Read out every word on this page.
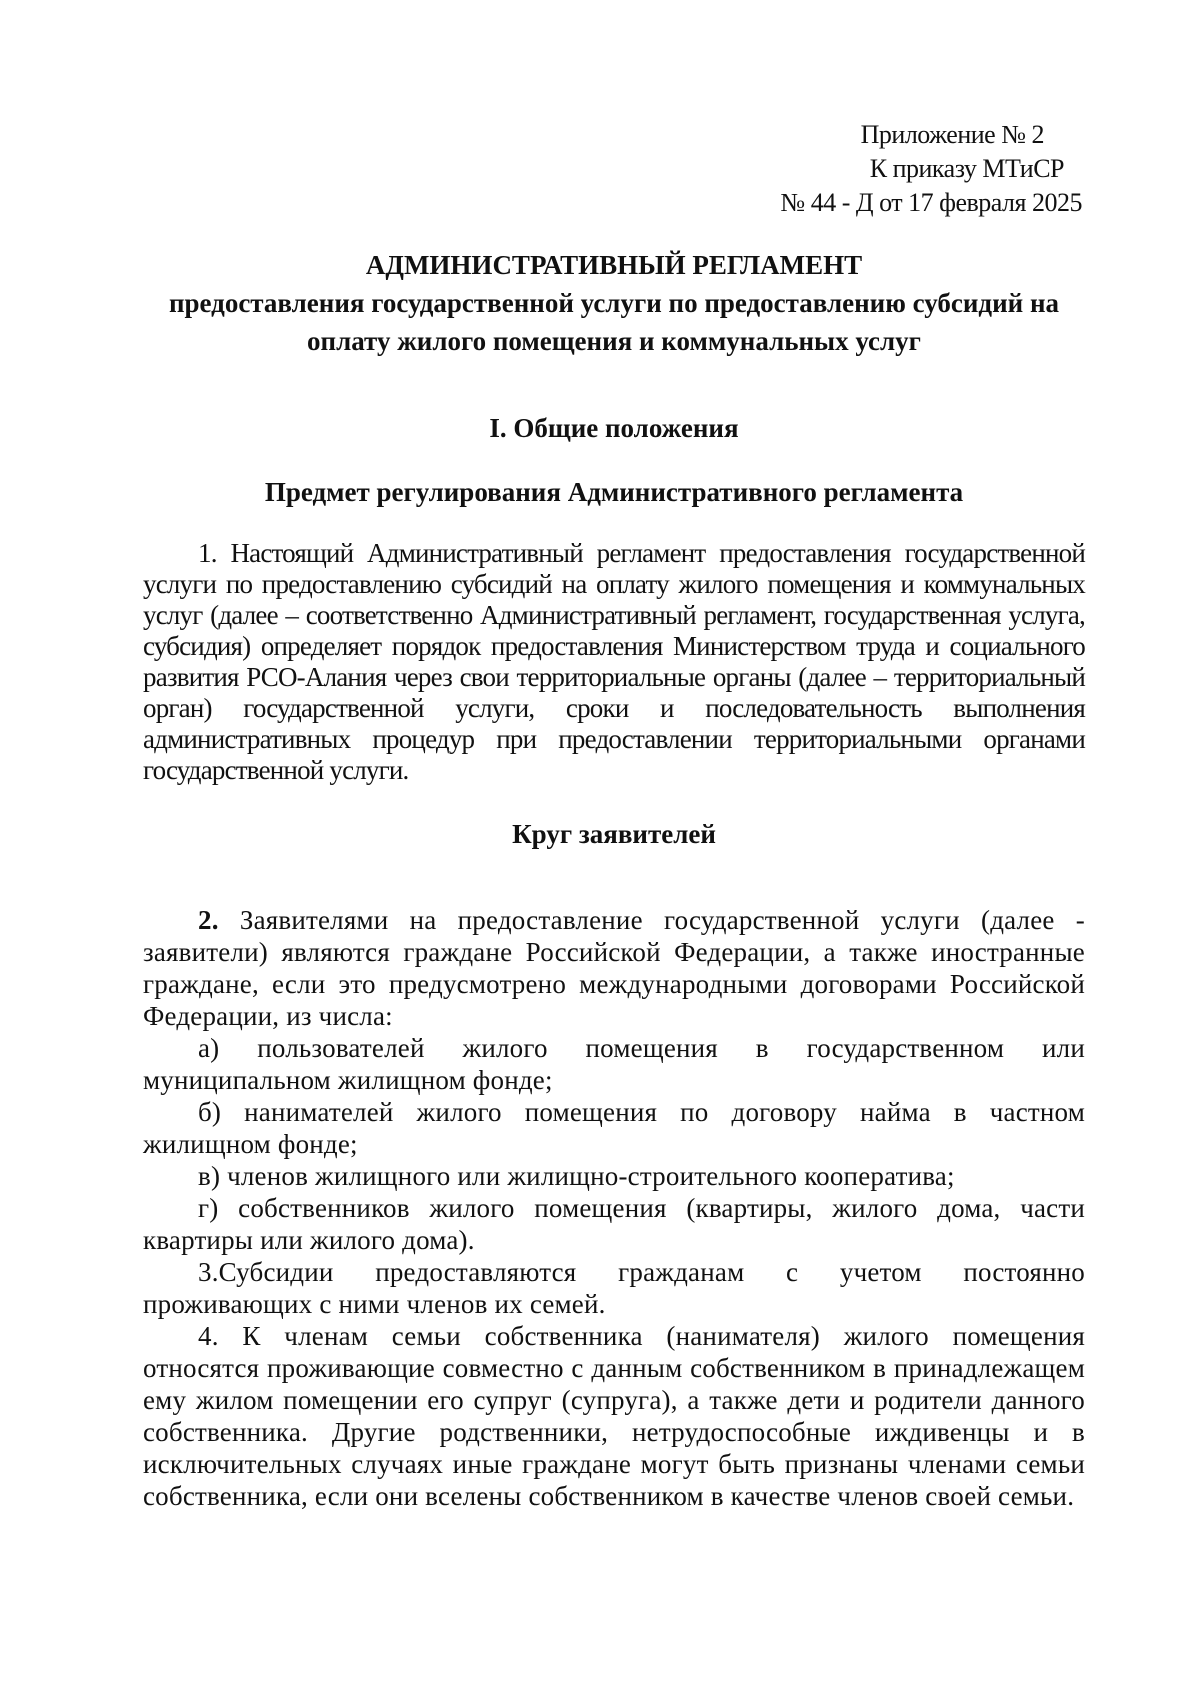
Приложение № 2
К приказу МТиСР
№ 44 - Д от 17 февраля 2025
АДМИНИСТРАТИВНЫЙ РЕГЛАМЕНТ
предоставления государственной услуги по предоставлению субсидий на
оплату жилого помещения и коммунальных услуг
I. Общие положения
Предмет регулирования Административного регламента

1. Настоящий Административный регламент предоставления государственной услуги по предоставлению субсидий на оплату жилого помещения и коммунальных услуг (далее – соответственно Административный регламент, государственная услуга, субсидия) определяет порядок предоставления Министерством труда и социального развития РСО-Алания через свои территориальные органы (далее – территориальный орган) государственной услуги, сроки и последовательность выполнения административных процедур при предоставлении территориальными органами государственной услуги.

Круг заявителей

2. Заявителями на предоставление государственной услуги (далее - заявители) являются граждане Российской Федерации, а также иностранные граждане, если это предусмотрено международными договорами Российской Федерации, из числа:

а) пользователей жилого помещения в государственном или муниципальном жилищном фонде;

б) нанимателей жилого помещения по договору найма в частном жилищном фонде;

в) членов жилищного или жилищно-строительного кооператива;

г) собственников жилого помещения (квартиры, жилого дома, части квартиры или жилого дома).

3.Субсидии предоставляются гражданам с учетом постоянно проживающих с ними членов их семей.

4. К членам семьи собственника (нанимателя) жилого помещения относятся проживающие совместно с данным собственником в принадлежащем ему жилом помещении его супруг (супруга), а также дети и родители данного собственника. Другие родственники, нетрудоспособные иждивенцы и в исключительных случаях иные граждане могут быть признаны членами семьи собственника, если они вселены собственником в качестве членов своей семьи.
